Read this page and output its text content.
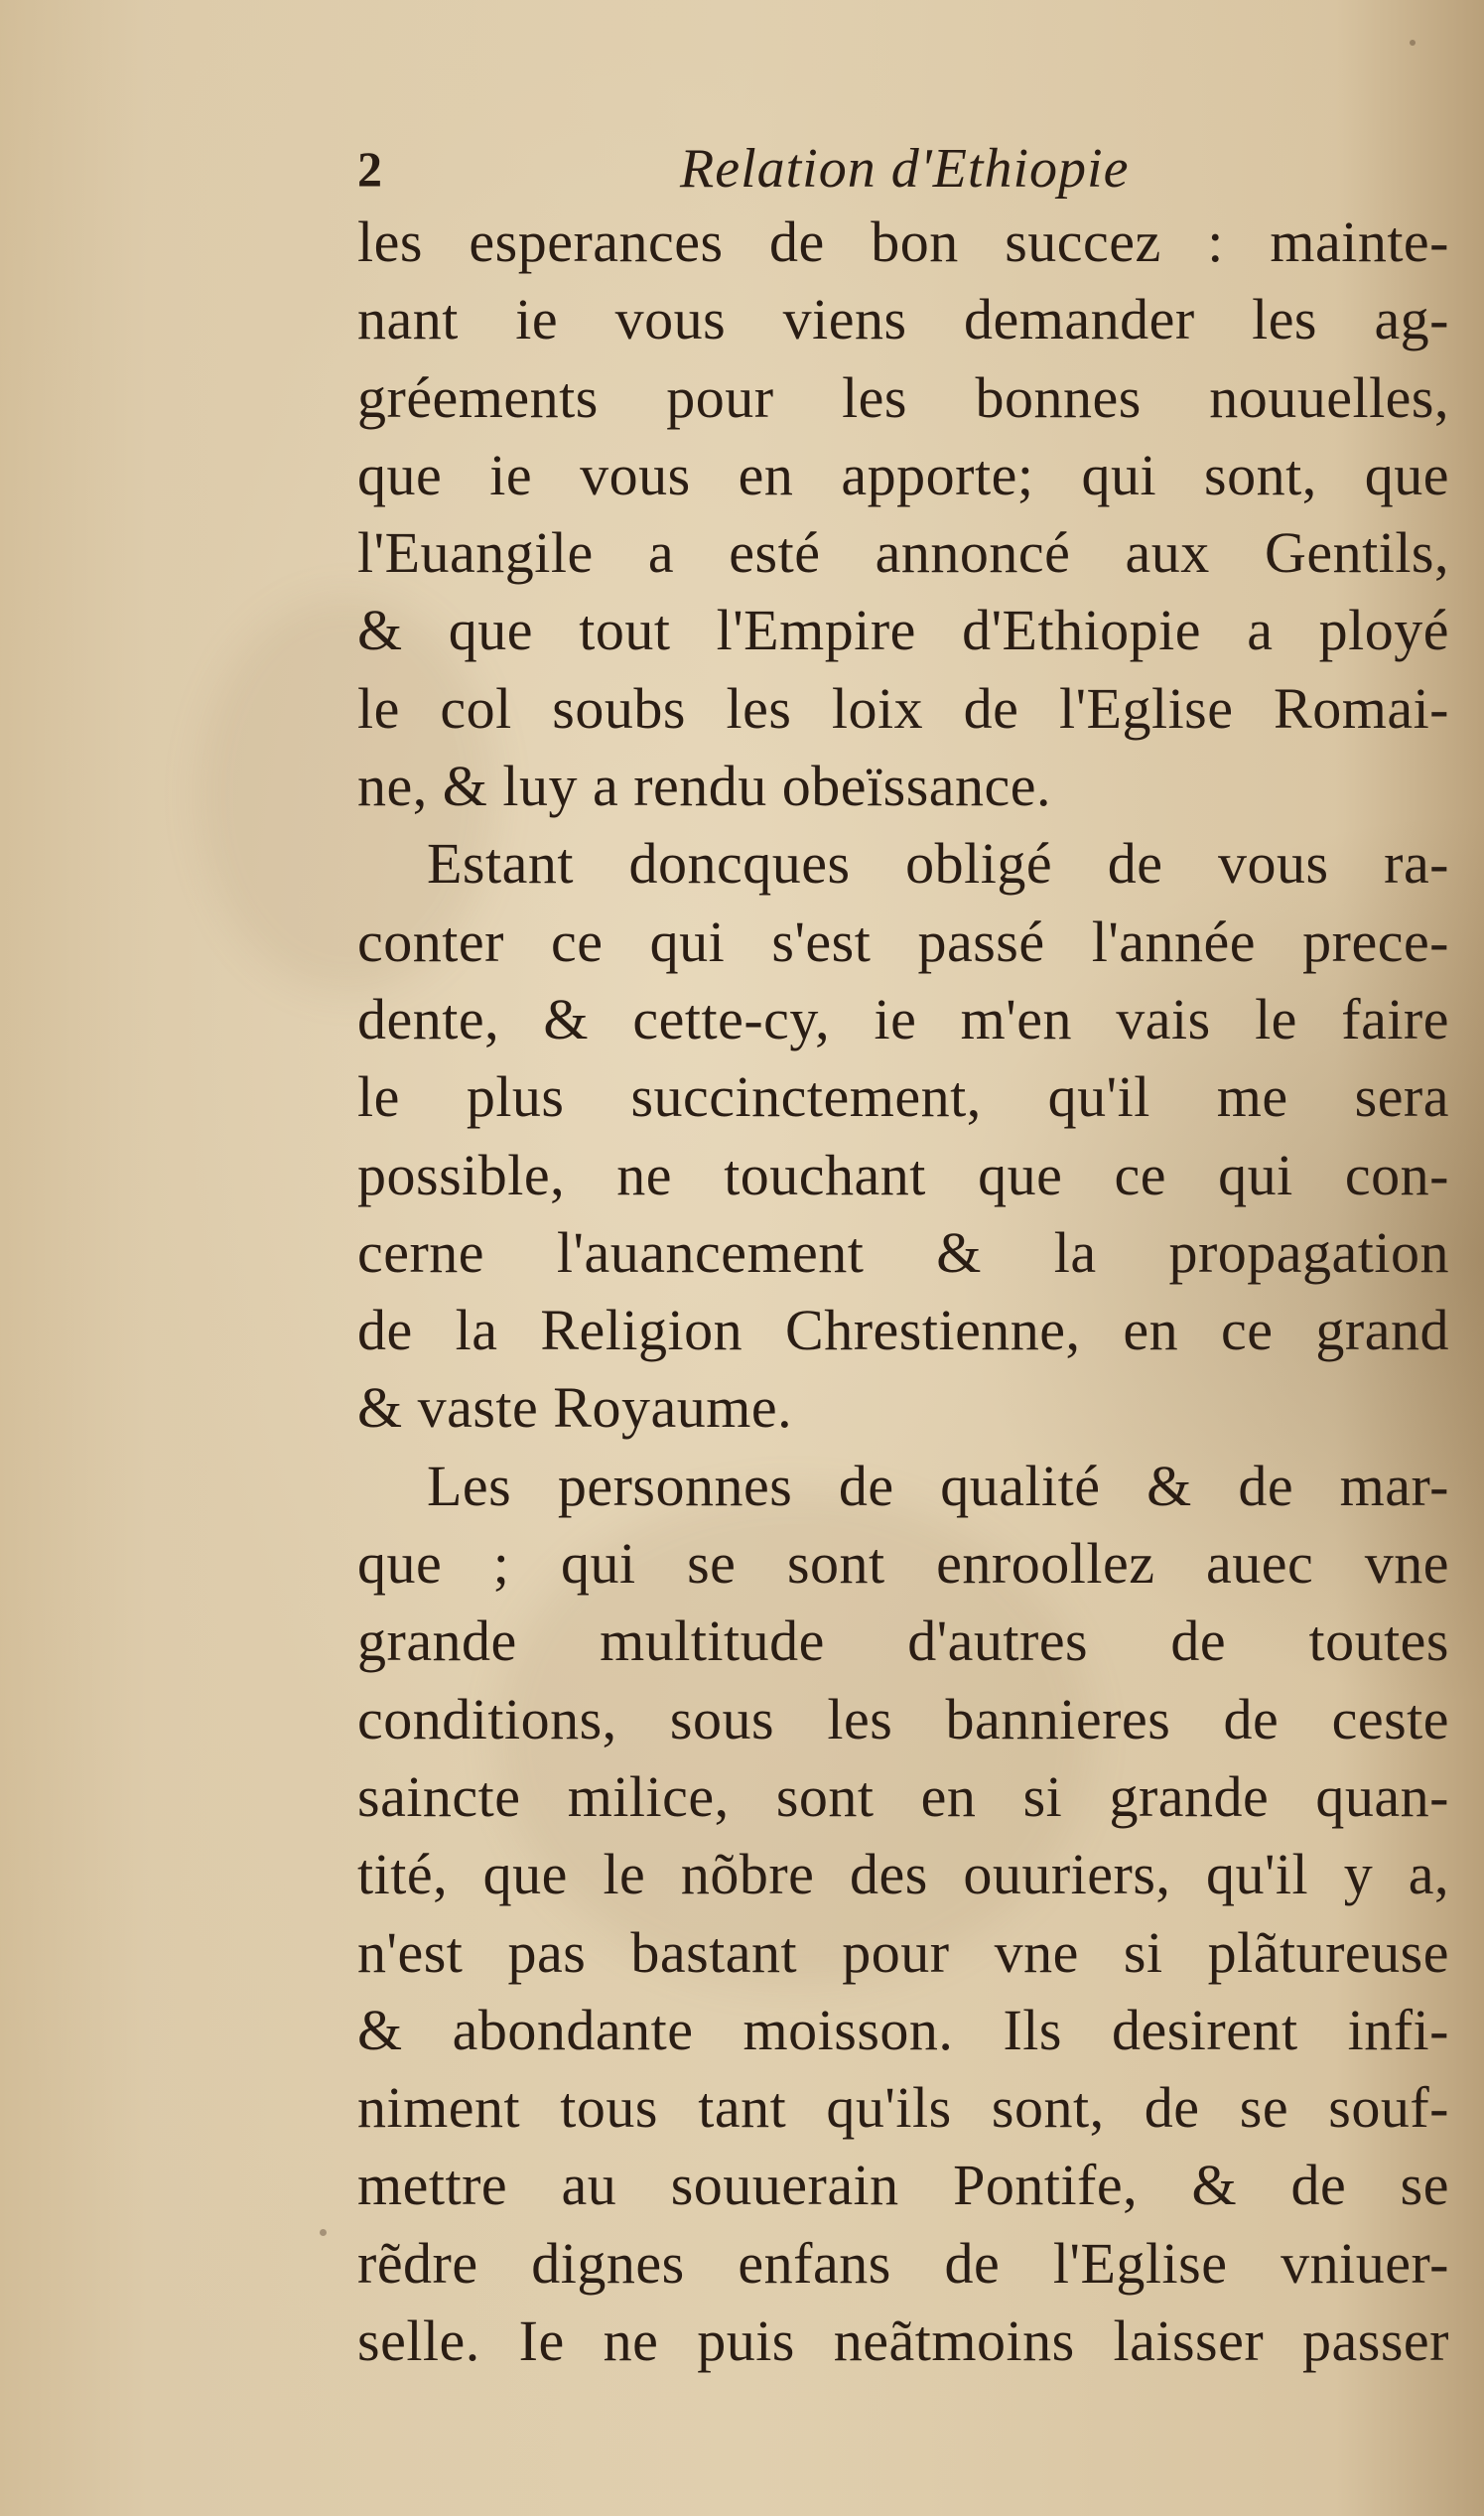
2	Relation d'Ethiopie
les esperances de bon succez : mainte-
nant ie vous viens demander les ag-
gréements pour les bonnes nouuelles,
que ie vous en apporte; qui sont, que
l'Euangile a esté annoncé aux Gentils,
& que tout l'Empire d'Ethiopie a ployé
le col soubs les loix de l'Eglise Romai-
ne, & luy a rendu obeïssance.
Estant doncques obligé de vous ra-
conter ce qui s'est passé l'année prece-
dente, & cette-cy, ie m'en vais le faire
le plus succinctement, qu'il me sera
possible, ne touchant que ce qui con-
cerne l'auancement & la propagation
de la Religion Chrestienne, en ce grand
& vaste Royaume.
Les personnes de qualité & de mar-
que ; qui se sont enroollez auec vne
grande multitude d'autres de toutes
conditions, sous les bannieres de ceste
saincte milice, sont en si grande quan-
tité, que le nõbre des ouuriers, qu'il y a,
n'est pas bastant pour vne si plãtureuse
& abondante moisson. Ils desirent infi-
niment tous tant qu'ils sont, de se souf-
mettre au souuerain Pontife, & de se
rẽdre dignes enfans de l'Eglise vniuer-
selle. Ie ne puis neãtmoins laisser passer
